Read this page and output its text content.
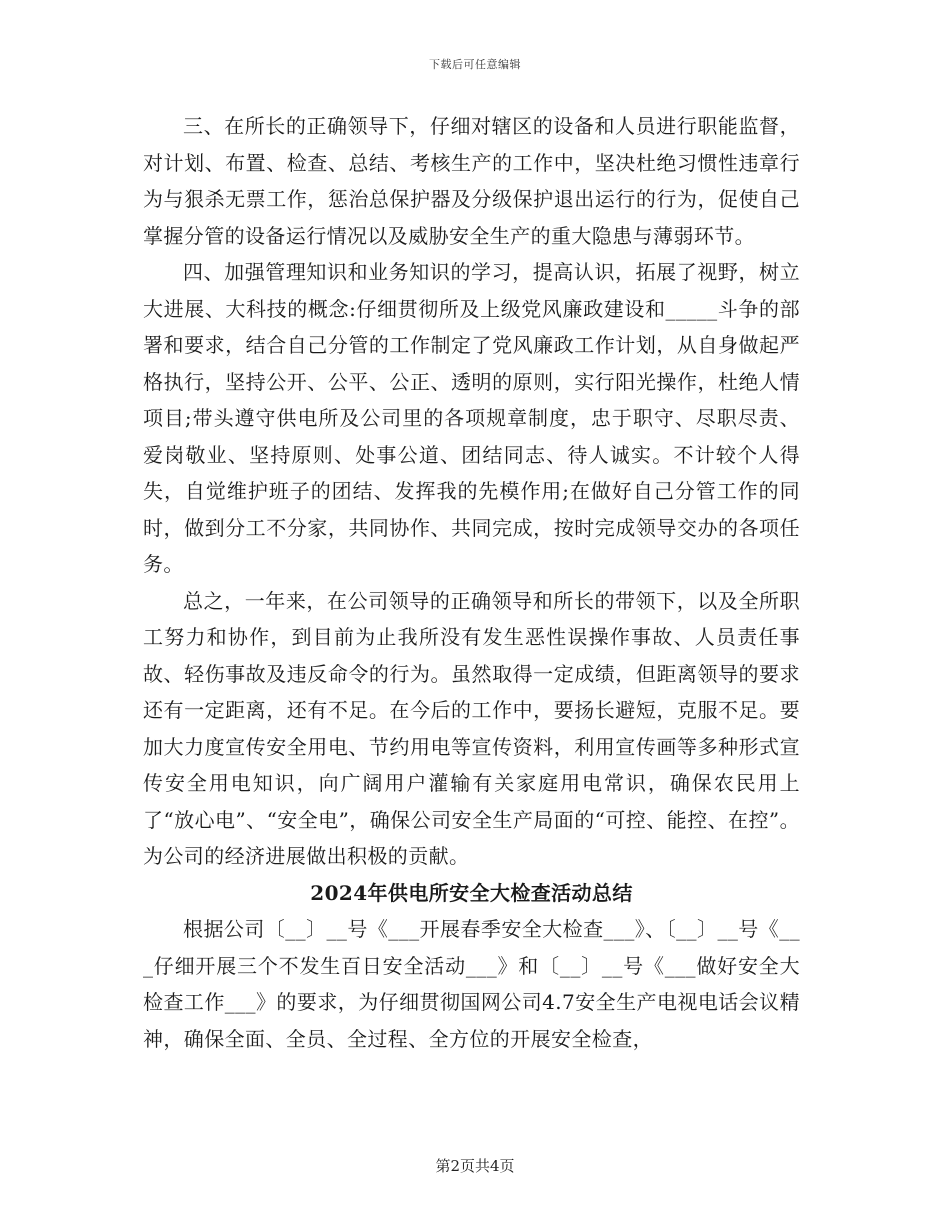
下载后可任意编辑

三、在所长的正确领导下，仔细对辖区的设备和人员进行职能监督，对计划、布置、检查、总结、考核生产的工作中，坚决杜绝习惯性违章行为与狠杀无票工作，惩治总保护器及分级保护退出运行的行为，促使自己掌握分管的设备运行情况以及威胁安全生产的重大隐患与薄弱环节。

四、加强管理知识和业务知识的学习，提高认识，拓展了视野，树立大进展、大科技的概念:仔细贯彻所及上级党风廉政建设和_____斗争的部署和要求，结合自己分管的工作制定了党风廉政工作计划，从自身做起严格执行，坚持公开、公平、公正、透明的原则，实行阳光操作，杜绝人情项目;带头遵守供电所及公司里的各项规章制度，忠于职守、尽职尽责、爱岗敬业、坚持原则、处事公道、团结同志、待人诚实。不计较个人得失，自觉维护班子的团结、发挥我的先模作用;在做好自己分管工作的同时，做到分工不分家，共同协作、共同完成，按时完成领导交办的各项任务。

总之，一年来，在公司领导的正确领导和所长的带领下，以及全所职工努力和协作，到目前为止我所没有发生恶性误操作事故、人员责任事故、轻伤事故及违反命令的行为。虽然取得一定成绩，但距离领导的要求还有一定距离，还有不足。在今后的工作中，要扬长避短，克服不足。要加大力度宣传安全用电、节约用电等宣传资料，利用宣传画等多种形式宣传安全用电知识，向广阔用户灌输有关家庭用电常识，确保农民用上了“放心电”、“安全电”，确保公司安全生产局面的“可控、能控、在控”。为公司的经济进展做出积极的贡献。

2024年供电所安全大检查活动总结

根据公司〔__〕__号《___开展春季安全大检查___》、〔__〕__号《___仔细开展三个不发生百日安全活动___》和〔__〕__号《___做好安全大检查工作___》的要求，为仔细贯彻国网公司4.7安全生产电视电话会议精神，确保全面、全员、全过程、全方位的开展安全检查，

第2页共4页
